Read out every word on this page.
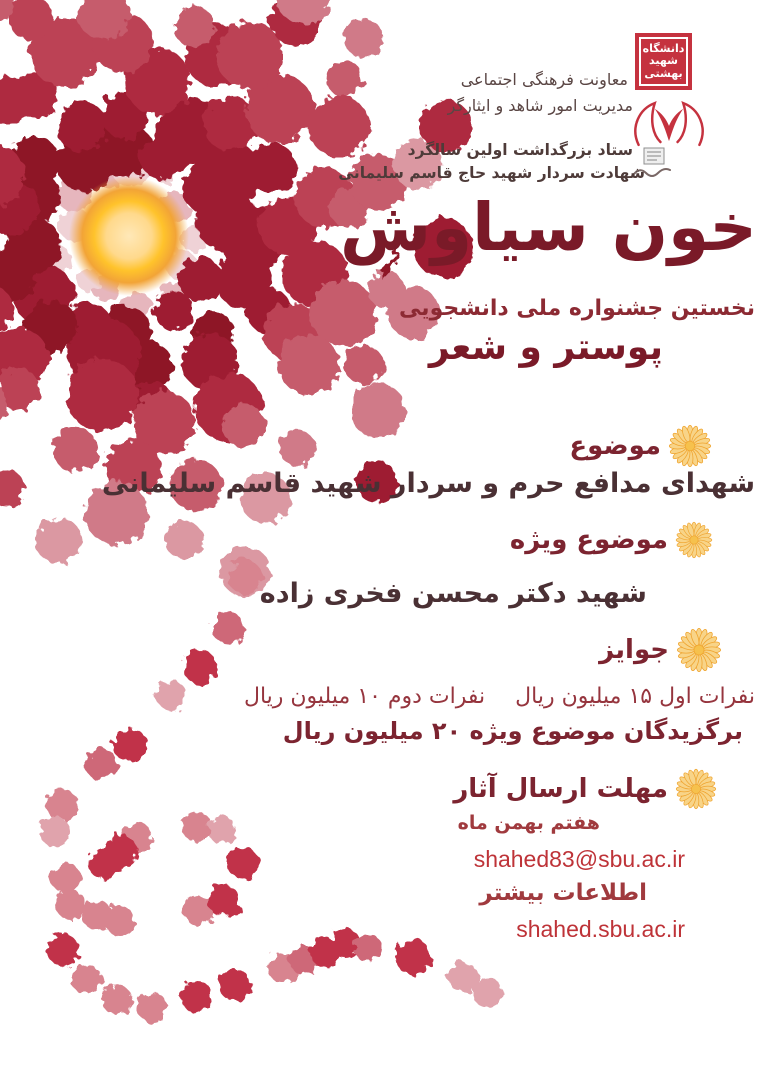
دانشگاه
شهید
بهشتی
معاونت فرهنگی اجتماعی
مدیریت امور شاهد و ایثارگر
ستاد بزرگداشت اولین سالگرد
شهادت سردار شهید حاج قاسم سلیمانی
خون سیاوش
نخستین جشنواره ملی دانشجویی
پوستر و شعر
موضوع
شهدای مدافع حرم و سردار شهید قاسم سلیمانی
موضوع ویژه
شهید دکتر محسن فخری زاده
جوایز
نفرات اول ۱۵ میلیون ریال
نفرات دوم ۱۰ میلیون ریال
برگزیدگان موضوع ویژه ۲۰ میلیون ریال
مهلت ارسال آثار
هفتم بهمن ماه
shahed83@sbu.ac.ir
اطلاعات بیشتر
shahed.sbu.ac.ir
